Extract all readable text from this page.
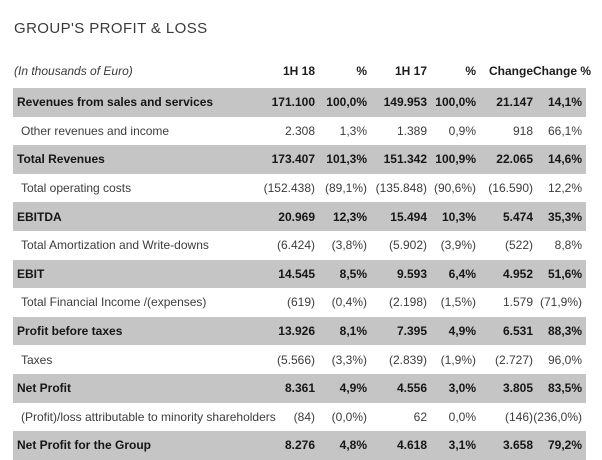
GROUP'S PROFIT & LOSS
(In thousands of Euro)	1H 18	%	1H 17	%	Change	Change %
Revenues from sales and services	171.100	100,0%	149.953	100,0%	21.147	14,1%
Other revenues and income	2.308	1,3%	1.389	0,9%	918	66,1%
Total Revenues	173.407	101,3%	151.342	100,9%	22.065	14,6%
Total operating costs	(152.438)	(89,1%)	(135.848)	(90,6%)	(16.590)	12,2%
EBITDA	20.969	12,3%	15.494	10,3%	5.474	35,3%
Total Amortization and Write-downs	(6.424)	(3,8%)	(5.902)	(3,9%)	(522)	8,8%
EBIT	14.545	8,5%	9.593	6,4%	4.952	51,6%
Total Financial Income /(expenses)	(619)	(0,4%)	(2.198)	(1,5%)	1.579	(71,9%)
Profit before taxes	13.926	8,1%	7.395	4,9%	6.531	88,3%
Taxes	(5.566)	(3,3%)	(2.839)	(1,9%)	(2.727)	96,0%
Net Profit	8.361	4,9%	4.556	3,0%	3.805	83,5%
(Profit)/loss attributable to minority shareholders	(84)	(0,0%)	62	0,0%	(146)	(236,0%)
Net Profit for the Group	8.276	4,8%	4.618	3,1%	3.658	79,2%
